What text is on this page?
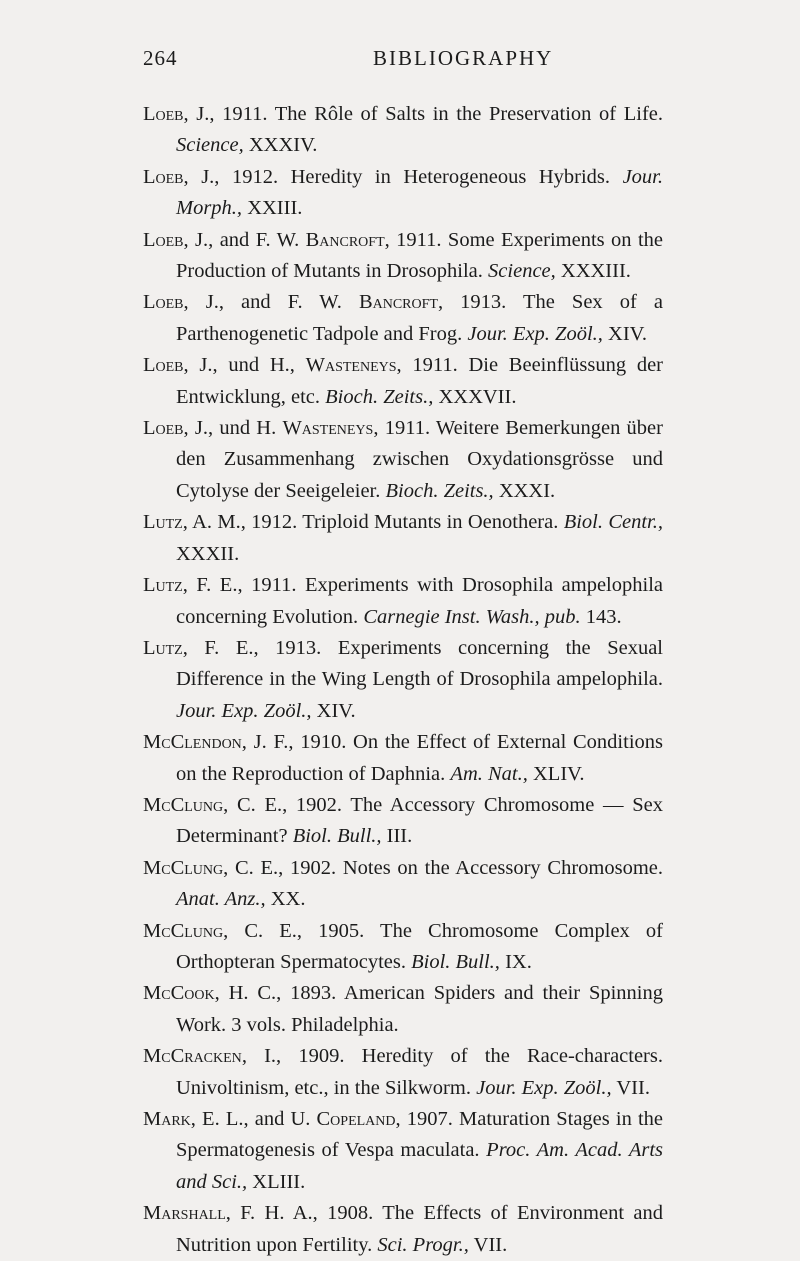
264	BIBLIOGRAPHY

Loeb, J., 1911. The Rôle of Salts in the Preservation of Life. Science, XXXIV.

Loeb, J., 1912. Heredity in Heterogeneous Hybrids. Jour. Morph., XXIII.

Loeb, J., and F. W. Bancroft, 1911. Some Experiments on the Production of Mutants in Drosophila. Science, XXXIII.

Loeb, J., and F. W. Bancroft, 1913. The Sex of a Parthenogenetic Tadpole and Frog. Jour. Exp. Zoöl., XIV.

Loeb, J., und H., Wasteneys, 1911. Die Beeinflüssung der Entwicklung, etc. Bioch. Zeits., XXXVII.

Loeb, J., und H. Wasteneys, 1911. Weitere Bemerkungen über den Zusammenhang zwischen Oxydationsgrösse und Cytolyse der Seeigeleier. Bioch. Zeits., XXXI.

Lutz, A. M., 1912. Triploid Mutants in Oenothera. Biol. Centr., XXXII.

Lutz, F. E., 1911. Experiments with Drosophila ampelophila concerning Evolution. Carnegie Inst. Wash., pub. 143.

Lutz, F. E., 1913. Experiments concerning the Sexual Difference in the Wing Length of Drosophila ampelophila. Jour. Exp. Zoöl., XIV.

McClendon, J. F., 1910. On the Effect of External Conditions on the Reproduction of Daphnia. Am. Nat., XLIV.

McClung, C. E., 1902. The Accessory Chromosome — Sex Determinant? Biol. Bull., III.

McClung, C. E., 1902. Notes on the Accessory Chromosome. Anat. Anz., XX.

McClung, C. E., 1905. The Chromosome Complex of Orthopteran Spermatocytes. Biol. Bull., IX.

McCook, H. C., 1893. American Spiders and their Spinning Work. 3 vols. Philadelphia.

McCracken, I., 1909. Heredity of the Race-characters. Univoltinism, etc., in the Silkworm. Jour. Exp. Zoöl., VII.

Mark, E. L., and U. Copeland, 1907. Maturation Stages in the Spermatogenesis of Vespa maculata. Proc. Am. Acad. Arts and Sci., XLIII.

Marshall, F. H. A., 1908. The Effects of Environment and Nutrition upon Fertility. Sci. Progr., VII.
